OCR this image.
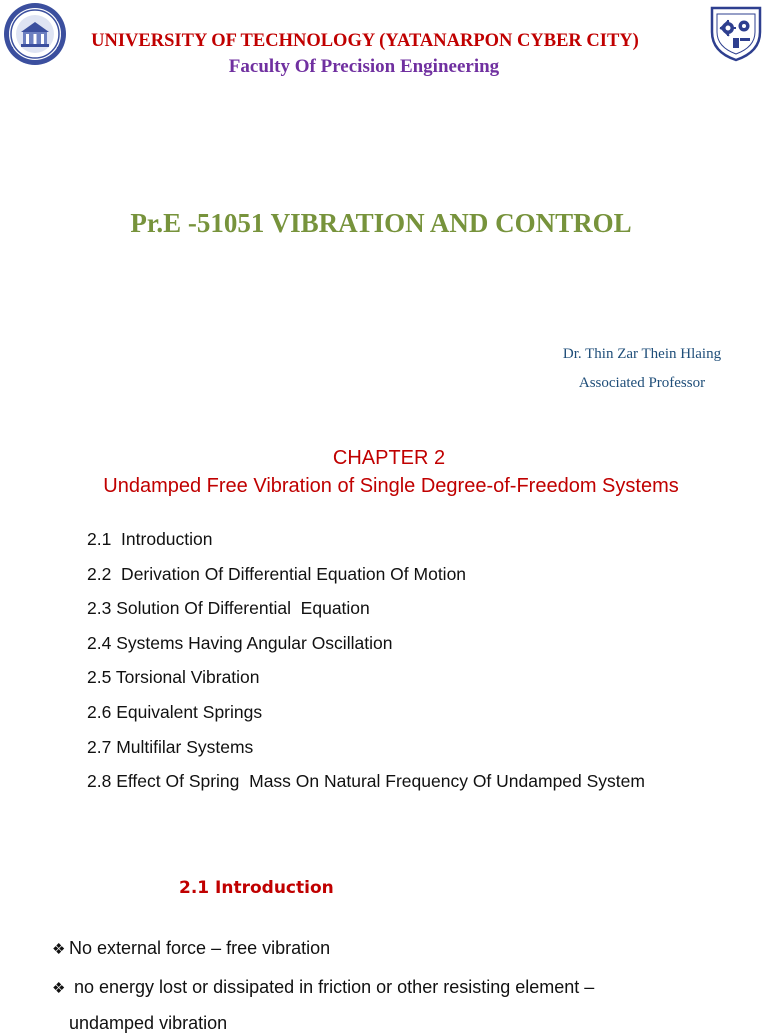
UNIVERSITY OF TECHNOLOGY (YATANARPON CYBER CITY)
Faculty Of Precision Engineering
Pr.E -51051 VIBRATION AND CONTROL
Dr. Thin Zar Thein Hlaing
Associated Professor
CHAPTER 2
Undamped Free Vibration of Single Degree-of-Freedom Systems
2.1  Introduction
2.2  Derivation Of Differential Equation Of Motion
2.3 Solution Of Differential  Equation
2.4 Systems Having Angular Oscillation
2.5 Torsional Vibration
2.6 Equivalent Springs
2.7 Multifilar Systems
2.8 Effect Of Spring  Mass On Natural Frequency Of Undamped System
2.1 Introduction
❖ No external force – free vibration
❖ no energy lost or dissipated in friction or other resisting element –
undamped vibration
